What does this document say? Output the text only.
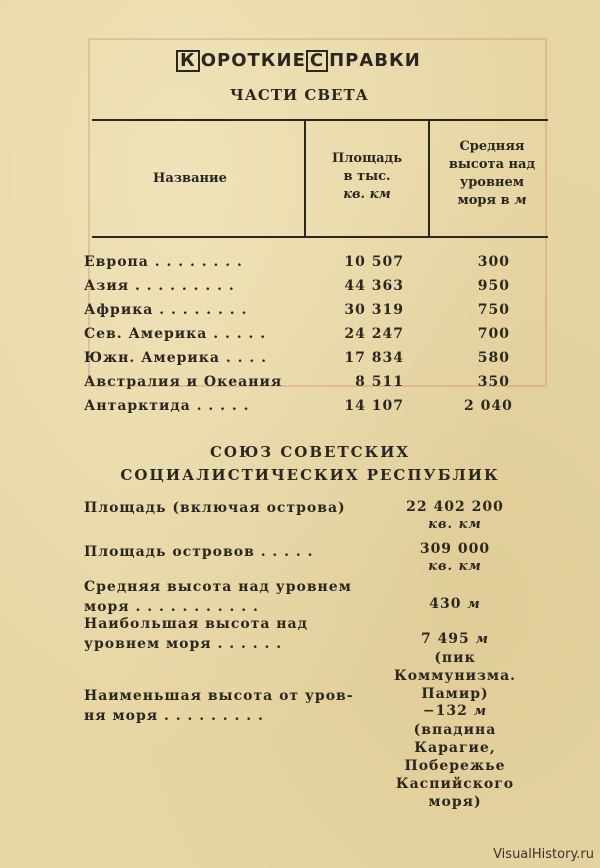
К ОРОТКИЕ С ПРАВКИ
ЧАСТИ СВЕТА
Название
Площадь
в тыс.
кв. км
Средняя
высота над
уровнем
моря в м
Европа . . . . . . . .	10 507	300
Азия . . . . . . . . .	44 363	950
Африка . . . . . . . .	30 319	750
Сев. Америка . . . . .	24 247	700
Южн. Америка . . . .	17 834	580
Австралия и Океания	8 511	350
Антарктида . . . . .	14 107	2 040
СОЮЗ СОВЕТСКИХ
СОЦИАЛИСТИЧЕСКИХ РЕСПУБЛИК
Площадь (включая острова)	22 402 200
кв. км
Площадь островов . . . . .	309 000
кв. км
Средняя высота над уровнем
моря . . . . . . . . . . .	430 м
Наибольшая высота над
уровнем моря . . . . . .	7 495 м
(пик Коммунизма. Памир)
Наименьшая высота от уров-
ня моря . . . . . . . . .	−132 м
(впадина Карагие, Побережье Каспийского моря)
VisualHistory.ru
